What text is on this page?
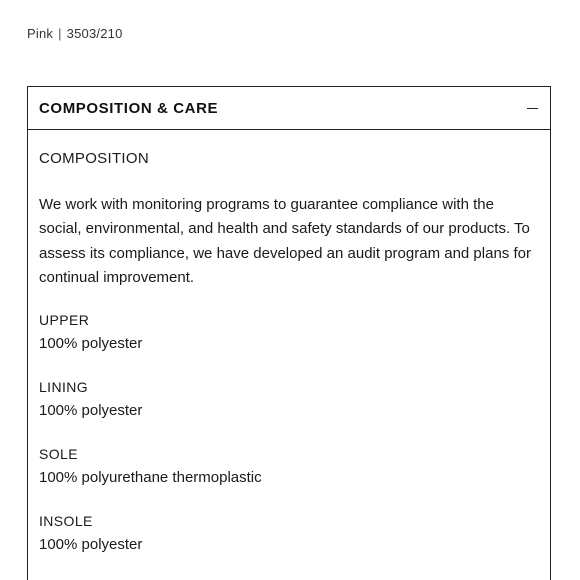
Pink | 3503/210
COMPOSITION & CARE

COMPOSITION

We work with monitoring programs to guarantee compliance with the social, environmental, and health and safety standards of our products. To assess its compliance, we have developed an audit program and plans for continual improvement.

UPPER
100% polyester
LINING
100% polyester
SOLE
100% polyurethane thermoplastic
INSOLE
100% polyester
